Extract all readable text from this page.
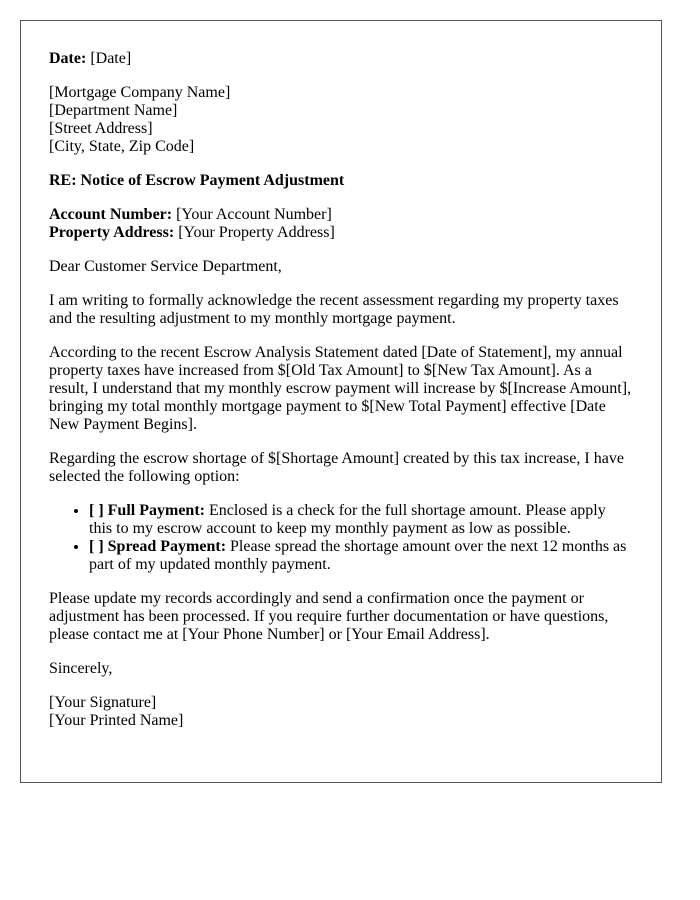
Date: [Date]

[Mortgage Company Name]
[Department Name]
[Street Address]
[City, State, Zip Code]

RE: Notice of Escrow Payment Adjustment

Account Number: [Your Account Number]
Property Address: [Your Property Address]

Dear Customer Service Department,

I am writing to formally acknowledge the recent assessment regarding my property taxes and the resulting adjustment to my monthly mortgage payment.

According to the recent Escrow Analysis Statement dated [Date of Statement], my annual property taxes have increased from $[Old Tax Amount] to $[New Tax Amount]. As a result, I understand that my monthly escrow payment will increase by $[Increase Amount], bringing my total monthly mortgage payment to $[New Total Payment] effective [Date New Payment Begins].

Regarding the escrow shortage of $[Shortage Amount] created by this tax increase, I have selected the following option:

• [ ] Full Payment: Enclosed is a check for the full shortage amount. Please apply this to my escrow account to keep my monthly payment as low as possible.
• [ ] Spread Payment: Please spread the shortage amount over the next 12 months as part of my updated monthly payment.

Please update my records accordingly and send a confirmation once the payment or adjustment has been processed. If you require further documentation or have questions, please contact me at [Your Phone Number] or [Your Email Address].

Sincerely,

[Your Signature]
[Your Printed Name]
